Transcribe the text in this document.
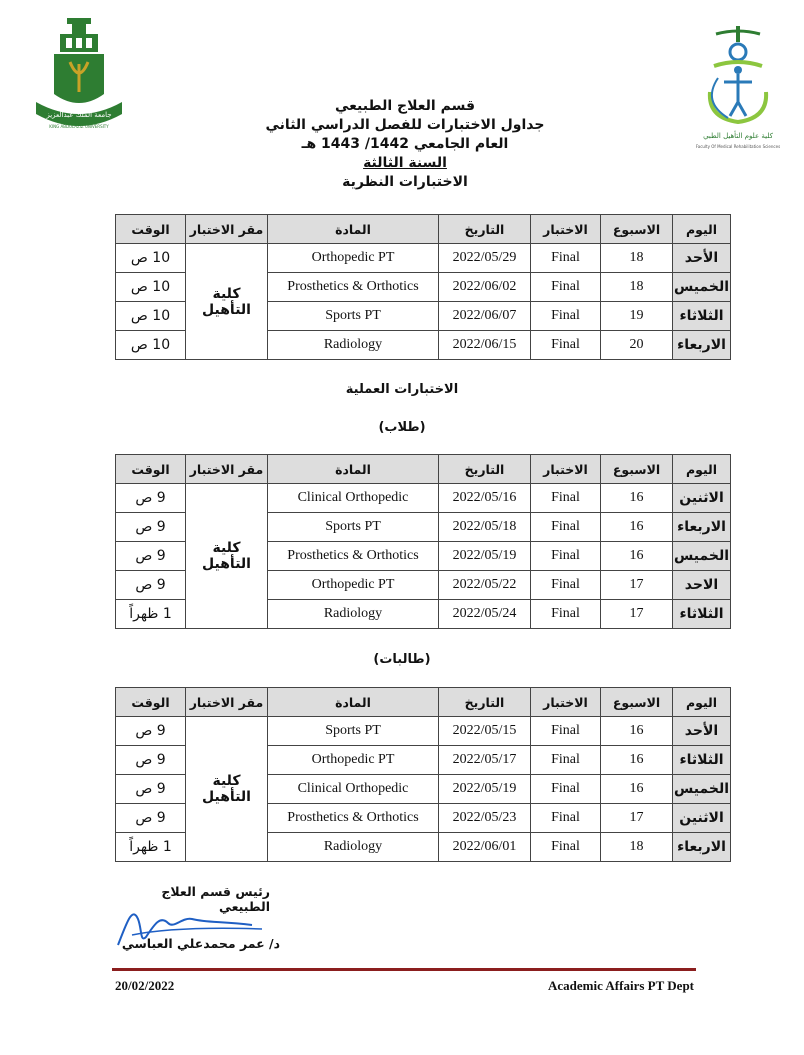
جامعة الملك عبدالعزيز
KING ABDULAZIZ UNIVERSITY
كلية علوم التأهيل الطبي
Faculty Of Medical Rehabilitation Sciences
قسم العلاج الطبيعي
جداول الاختبارات للفصل الدراسي الثاني
العام الجامعي 1442/ 1443 هـ
السنة الثالثة
الاختبارات النظرية
اليوم	الاسبوع	الاختبار	التاريخ	المادة	مقر الاختبار	الوقت
الأحد	18	Final	2022/05/29	Orthopedic PT	كلية التأهيل	10 ص
الخميس	18	Final	2022/06/02	Prosthetics & Orthotics		10 ص
الثلاثاء	19	Final	2022/06/07	Sports PT		10 ص
الاربعاء	20	Final	2022/06/15	Radiology		10 ص
الاختبارات العملية
(طلاب)
اليوم	الاسبوع	الاختبار	التاريخ	المادة	مقر الاختبار	الوقت
الاثنين	16	Final	2022/05/16	Clinical Orthopedic	كلية التأهيل	9 ص
الاربعاء	16	Final	2022/05/18	Sports PT		9 ص
الخميس	16	Final	2022/05/19	Prosthetics & Orthotics		9 ص
الاحد	17	Final	2022/05/22	Orthopedic PT		9 ص
الثلاثاء	17	Final	2022/05/24	Radiology		1 ظهراً
(طالبات)
اليوم	الاسبوع	الاختبار	التاريخ	المادة	مقر الاختبار	الوقت
الأحد	16	Final	2022/05/15	Sports PT	كلية التأهيل	9 ص
الثلاثاء	16	Final	2022/05/17	Orthopedic PT		9 ص
الخميس	16	Final	2022/05/19	Clinical Orthopedic		9 ص
الاثنين	17	Final	2022/05/23	Prosthetics & Orthotics		9 ص
الاربعاء	18	Final	2022/06/01	Radiology		1 ظهراً
رئيس قسم العلاج الطبيعي
د/ عمر محمدعلي العباسي
20/02/2022	Academic Affairs PT Dept
